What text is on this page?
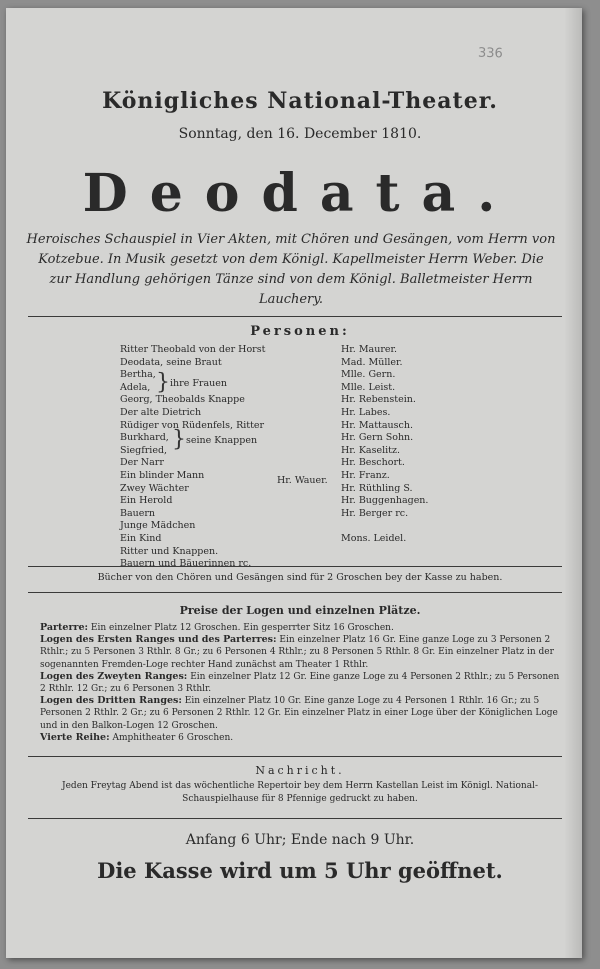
336
Königliches National-Theater.
Sonntag, den 16. December 1810.
Deodata.
Heroisches Schauspiel in Vier Akten, mit Chören und Gesängen, vom Herrn von Kotzebue. In Musik gesetzt von dem Königl. Kapellmeister Herrn Weber. Die zur Handlung gehörigen Tänze sind von dem Königl. Balletmeister Herrn Lauchery.
Personen:
Ritter Theobald von der Horst
Deodata, seine Braut
Bertha,
Adela,
Georg, Theobalds Knappe
Der alte Dietrich
Rüdiger von Rüdenfels, Ritter
Burkhard,
Siegfried,
Der Narr
Ein blinder Mann
Zwey Wächter
Ein Herold
Bauern
Junge Mädchen
Ein Kind
Ritter und Knappen.
Bauern und Bäuerinnen rc.
Hr. Maurer.
Mad. Müller.
Mlle. Gern.
Mlle. Leist.
Hr. Rebenstein.
Hr. Labes.
Hr. Mattausch.
Hr. Gern Sohn.
Hr. Kaselitz.
Hr. Beschort.
Hr. Franz.
Hr. Rüthling S.
Hr. Buggenhagen.
Hr. Berger rc.
Mons. Leidel.
Hr. Wauer.
} ihre Frauen
} seine Knappen
Bücher von den Chören und Gesängen sind für 2 Groschen bey der Kasse zu haben.
Preise der Logen und einzelnen Plätze.
Parterre: Ein einzelner Platz 12 Groschen. Ein gesperrter Sitz 16 Groschen.
Logen des Ersten Ranges und des Parterres: Ein einzelner Platz 16 Gr. Eine ganze Loge zu 3 Personen 2 Rthlr.; zu 5 Personen 3 Rthlr. 8 Gr.; zu 6 Personen 4 Rthlr.; zu 8 Personen 5 Rthlr. 8 Gr. Ein einzelner Platz in der sogenannten Fremden-Loge rechter Hand zunächst am Theater 1 Rthlr.
Logen des Zweyten Ranges: Ein einzelner Platz 12 Gr. Eine ganze Loge zu 4 Personen 2 Rthlr.; zu 5 Personen 2 Rthlr. 12 Gr.; zu 6 Personen 3 Rthlr.
Logen des Dritten Ranges: Ein einzelner Platz 10 Gr. Eine ganze Loge zu 4 Personen 1 Rthlr. 16 Gr.; zu 5 Personen 2 Rthlr. 2 Gr.; zu 6 Personen 2 Rthlr. 12 Gr. Ein einzelner Platz in einer Loge über der Königlichen Loge und in den Balkon-Logen 12 Groschen.
Vierte Reihe: Amphitheater 6 Groschen.
Nachricht.
Jeden Freytag Abend ist das wöchentliche Repertoir bey dem Herrn Kastellan Leist im Königl. National-Schauspielhause für 8 Pfennige gedruckt zu haben.
Anfang 6 Uhr; Ende nach 9 Uhr.
Die Kasse wird um 5 Uhr geöffnet.
